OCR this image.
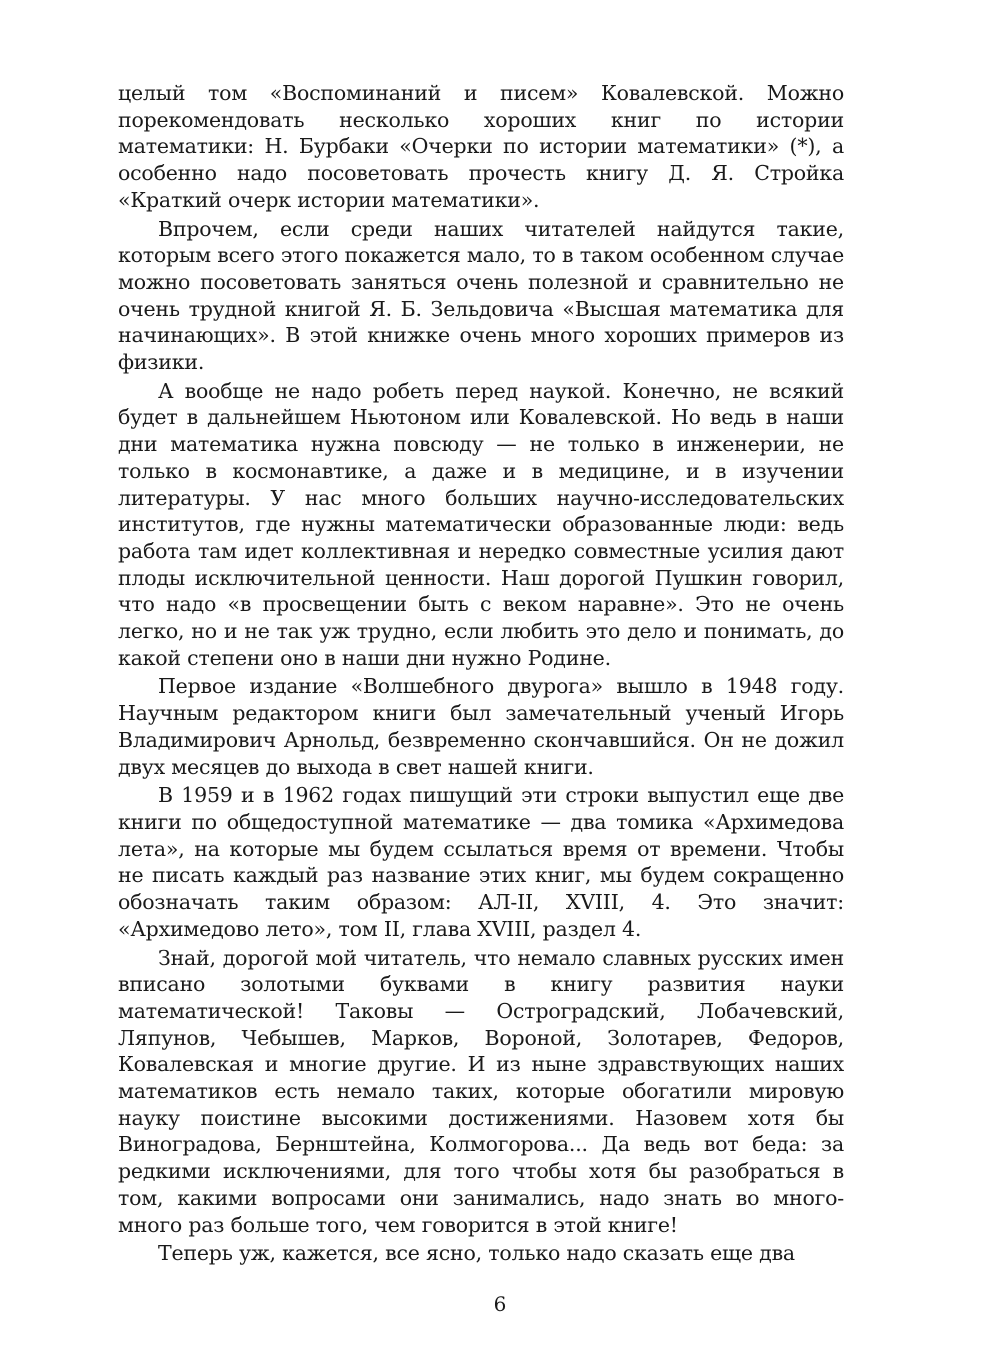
целый том «Воспоминаний и писем» Ковалевской. Можно порекомендовать несколько хороших книг по истории математики: Н. Бурбаки «Очерки по истории математики» (*), а особенно надо посоветовать прочесть книгу Д. Я. Стройка «Краткий очерк истории математики».

Впрочем, если среди наших читателей найдутся такие, которым всего этого покажется мало, то в таком особенном случае можно посоветовать заняться очень полезной и сравнительно не очень трудной книгой Я. Б. Зельдовича «Высшая математика для начинающих». В этой книжке очень много хороших примеров из физики.

А вообще не надо робеть перед наукой. Конечно, не всякий будет в дальнейшем Ньютоном или Ковалевской. Но ведь в наши дни математика нужна повсюду — не только в инженерии, не только в космонавтике, а даже и в медицине, и в изучении литературы. У нас много больших научно-исследовательских институтов, где нужны математически образованные люди: ведь работа там идет коллективная и нередко совместные усилия дают плоды исключительной ценности. Наш дорогой Пушкин говорил, что надо «в просвещении быть с веком наравне». Это не очень легко, но и не так уж трудно, если любить это дело и понимать, до какой степени оно в наши дни нужно Родине.

Первое издание «Волшебного двурога» вышло в 1948 году. Научным редактором книги был замечательный ученый Игорь Владимирович Арнольд, безвременно скончавшийся. Он не дожил двух месяцев до выхода в свет нашей книги.

В 1959 и в 1962 годах пишущий эти строки выпустил еще две книги по общедоступной математике — два томика «Архимедова лета», на которые мы будем ссылаться время от времени. Чтобы не писать каждый раз название этих книг, мы будем сокращенно обозначать таким образом: АЛ-II, XVIII, 4. Это значит: «Архимедово лето», том II, глава XVIII, раздел 4.

Знай, дорогой мой читатель, что немало славных русских имен вписано золотыми буквами в книгу развития науки математической! Таковы — Остроградский, Лобачевский, Ляпунов, Чебышев, Марков, Вороной, Золотарев, Федоров, Ковалевская и многие другие. И из ныне здравствующих наших математиков есть немало таких, которые обогатили мировую науку поистине высокими достижениями. Назовем хотя бы Виноградова, Бернштейна, Колмогорова... Да ведь вот беда: за редкими исключениями, для того чтобы хотя бы разобраться в том, какими вопросами они занимались, надо знать во много-много раз больше того, чем говорится в этой книге!

Теперь уж, кажется, все ясно, только надо сказать еще два

6
